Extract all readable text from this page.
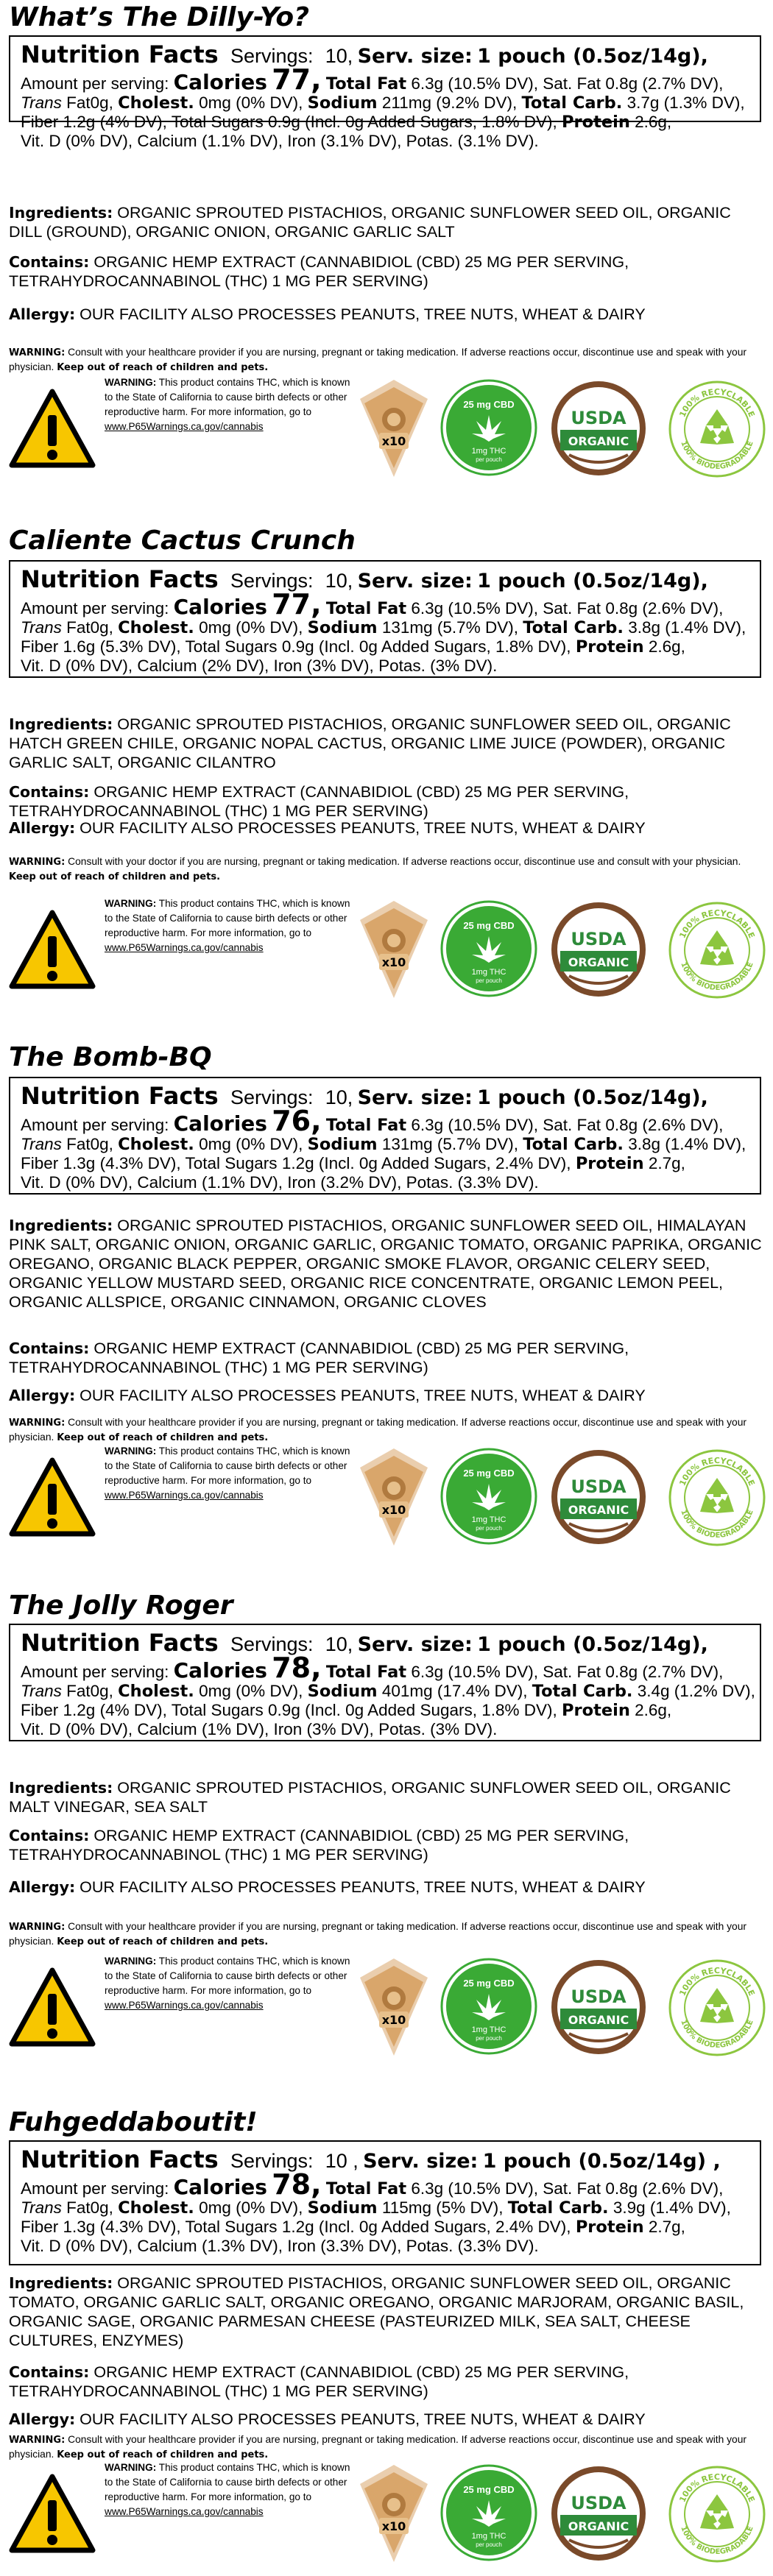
What’s The Dilly-Yo?
Nutrition Facts Servings: 10, Serv. size: 1 pouch (0.5oz/14g),
Amount per serving: Calories 77, Total Fat 6.3g (10.5% DV), Sat. Fat 0.8g (2.7% DV),
Trans Fat0g, Cholest. 0mg (0% DV), Sodium 211mg (9.2% DV), Total Carb. 3.7g (1.3% DV),
Fiber 1.2g (4% DV), Total Sugars 0.9g (Incl. 0g Added Sugars, 1.8% DV), Protein 2.6g,
Vit. D (0% DV), Calcium (1.1% DV), Iron (3.1% DV), Potas. (3.1% DV).
Ingredients: ORGANIC SPROUTED PISTACHIOS, ORGANIC SUNFLOWER SEED OIL, ORGANIC DILL (GROUND), ORGANIC ONION, ORGANIC GARLIC SALT
Contains: ORGANIC HEMP EXTRACT (CANNABIDIOL (CBD) 25 MG PER SERVING, TETRAHYDROCANNABINOL (THC) 1 MG PER SERVING)
Allergy: OUR FACILITY ALSO PROCESSES PEANUTS, TREE NUTS, WHEAT & DAIRY
WARNING: Consult with your healthcare provider if you are nursing, pregnant or taking medication. If adverse reactions occur, discontinue use and speak with your physician. Keep out of reach of children and pets.
WARNING: This product contains THC, which is known to the State of California to cause birth defects or other reproductive harm. For more information, go to www.P65Warnings.ca.gov/cannabis
x10
25 mg CBD
1mg THC
per pouch
USDA
ORGANIC
100% RECYCLABLE
100% BIODEGRADABLE
Caliente Cactus Crunch
Nutrition Facts Servings: 10, Serv. size: 1 pouch (0.5oz/14g),
Amount per serving: Calories 77, Total Fat 6.3g (10.5% DV), Sat. Fat 0.8g (2.6% DV),
Trans Fat0g, Cholest. 0mg (0% DV), Sodium 131mg (5.7% DV), Total Carb. 3.8g (1.4% DV),
Fiber 1.6g (5.3% DV), Total Sugars 0.9g (Incl. 0g Added Sugars, 1.8% DV), Protein 2.6g,
Vit. D (0% DV), Calcium (2% DV), Iron (3% DV), Potas. (3% DV).
Ingredients: ORGANIC SPROUTED PISTACHIOS, ORGANIC SUNFLOWER SEED OIL, ORGANIC HATCH GREEN CHILE, ORGANIC NOPAL CACTUS, ORGANIC LIME JUICE (POWDER), ORGANIC GARLIC SALT, ORGANIC CILANTRO
Contains: ORGANIC HEMP EXTRACT (CANNABIDIOL (CBD) 25 MG PER SERVING, TETRAHYDROCANNABINOL (THC) 1 MG PER SERVING)
Allergy: OUR FACILITY ALSO PROCESSES PEANUTS, TREE NUTS, WHEAT & DAIRY
WARNING: Consult with your doctor if you are nursing, pregnant or taking medication. If adverse reactions occur, discontinue use and consult with your physician. Keep out of reach of children and pets.
WARNING: This product contains THC, which is known to the State of California to cause birth defects or other reproductive harm. For more information, go to www.P65Warnings.ca.gov/cannabis
x10
25 mg CBD
1mg THC
per pouch
USDA
ORGANIC
100% RECYCLABLE
100% BIODEGRADABLE
The Bomb-BQ
Nutrition Facts Servings: 10, Serv. size: 1 pouch (0.5oz/14g),
Amount per serving: Calories 76, Total Fat 6.3g (10.5% DV), Sat. Fat 0.8g (2.6% DV),
Trans Fat0g, Cholest. 0mg (0% DV), Sodium 131mg (5.7% DV), Total Carb. 3.8g (1.4% DV),
Fiber 1.3g (4.3% DV), Total Sugars 1.2g (Incl. 0g Added Sugars, 2.4% DV), Protein 2.7g,
Vit. D (0% DV), Calcium (1.1% DV), Iron (3.2% DV), Potas. (3.3% DV).
Ingredients: ORGANIC SPROUTED PISTACHIOS, ORGANIC SUNFLOWER SEED OIL, HIMALAYAN PINK SALT, ORGANIC ONION, ORGANIC GARLIC, ORGANIC TOMATO, ORGANIC PAPRIKA, ORGANIC OREGANO, ORGANIC BLACK PEPPER, ORGANIC SMOKE FLAVOR, ORGANIC CELERY SEED, ORGANIC YELLOW MUSTARD SEED, ORGANIC RICE CONCENTRATE, ORGANIC LEMON PEEL, ORGANIC ALLSPICE, ORGANIC CINNAMON, ORGANIC CLOVES
Contains: ORGANIC HEMP EXTRACT (CANNABIDIOL (CBD) 25 MG PER SERVING, TETRAHYDROCANNABINOL (THC) 1 MG PER SERVING)
Allergy: OUR FACILITY ALSO PROCESSES PEANUTS, TREE NUTS, WHEAT & DAIRY
WARNING: Consult with your healthcare provider if you are nursing, pregnant or taking medication. If adverse reactions occur, discontinue use and speak with your physician. Keep out of reach of children and pets.
WARNING: This product contains THC, which is known to the State of California to cause birth defects or other reproductive harm. For more information, go to www.P65Warnings.ca.gov/cannabis
x10
25 mg CBD
1mg THC
per pouch
USDA
ORGANIC
100% RECYCLABLE
100% BIODEGRADABLE
The Jolly Roger
Nutrition Facts Servings: 10, Serv. size: 1 pouch (0.5oz/14g),
Amount per serving: Calories 78, Total Fat 6.3g (10.5% DV), Sat. Fat 0.8g (2.7% DV),
Trans Fat0g, Cholest. 0mg (0% DV), Sodium 401mg (17.4% DV), Total Carb. 3.4g (1.2% DV),
Fiber 1.2g (4% DV), Total Sugars 0.9g (Incl. 0g Added Sugars, 1.8% DV), Protein 2.6g,
Vit. D (0% DV), Calcium (1% DV), Iron (3% DV), Potas. (3% DV).
Ingredients: ORGANIC SPROUTED PISTACHIOS, ORGANIC SUNFLOWER SEED OIL, ORGANIC MALT VINEGAR, SEA SALT
Contains: ORGANIC HEMP EXTRACT (CANNABIDIOL (CBD) 25 MG PER SERVING, TETRAHYDROCANNABINOL (THC) 1 MG PER SERVING)
Allergy: OUR FACILITY ALSO PROCESSES PEANUTS, TREE NUTS, WHEAT & DAIRY
WARNING: Consult with your healthcare provider if you are nursing, pregnant or taking medication. If adverse reactions occur, discontinue use and speak with your physician. Keep out of reach of children and pets.
WARNING: This product contains THC, which is known to the State of California to cause birth defects or other reproductive harm. For more information, go to www.P65Warnings.ca.gov/cannabis
x10
25 mg CBD
1mg THC
per pouch
USDA
ORGANIC
100% RECYCLABLE
100% BIODEGRADABLE
Fuhgeddaboutit!
Nutrition Facts Servings: 10 , Serv. size: 1 pouch (0.5oz/14g) ,
Amount per serving: Calories 78, Total Fat 6.3g (10.5% DV), Sat. Fat 0.8g (2.6% DV),
Trans Fat0g, Cholest. 0mg (0% DV), Sodium 115mg (5% DV), Total Carb. 3.9g (1.4% DV),
Fiber 1.3g (4.3% DV), Total Sugars 1.2g (Incl. 0g Added Sugars, 2.4% DV), Protein 2.7g,
Vit. D (0% DV), Calcium (1.3% DV), Iron (3.3% DV), Potas. (3.3% DV).
Ingredients: ORGANIC SPROUTED PISTACHIOS, ORGANIC SUNFLOWER SEED OIL, ORGANIC TOMATO, ORGANIC GARLIC SALT, ORGANIC OREGANO, ORGANIC MARJORAM, ORGANIC BASIL, ORGANIC SAGE, ORGANIC PARMESAN CHEESE (PASTEURIZED MILK, SEA SALT, CHEESE CULTURES, ENZYMES)
Contains: ORGANIC HEMP EXTRACT (CANNABIDIOL (CBD) 25 MG PER SERVING, TETRAHYDROCANNABINOL (THC) 1 MG PER SERVING)
Allergy: OUR FACILITY ALSO PROCESSES PEANUTS, TREE NUTS, WHEAT & DAIRY
WARNING: Consult with your healthcare provider if you are nursing, pregnant or taking medication. If adverse reactions occur, discontinue use and speak with your physician. Keep out of reach of children and pets.
WARNING: This product contains THC, which is known to the State of California to cause birth defects or other reproductive harm. For more information, go to www.P65Warnings.ca.gov/cannabis
x10
25 mg CBD
1mg THC
per pouch
USDA
ORGANIC
100% RECYCLABLE
100% BIODEGRADABLE
